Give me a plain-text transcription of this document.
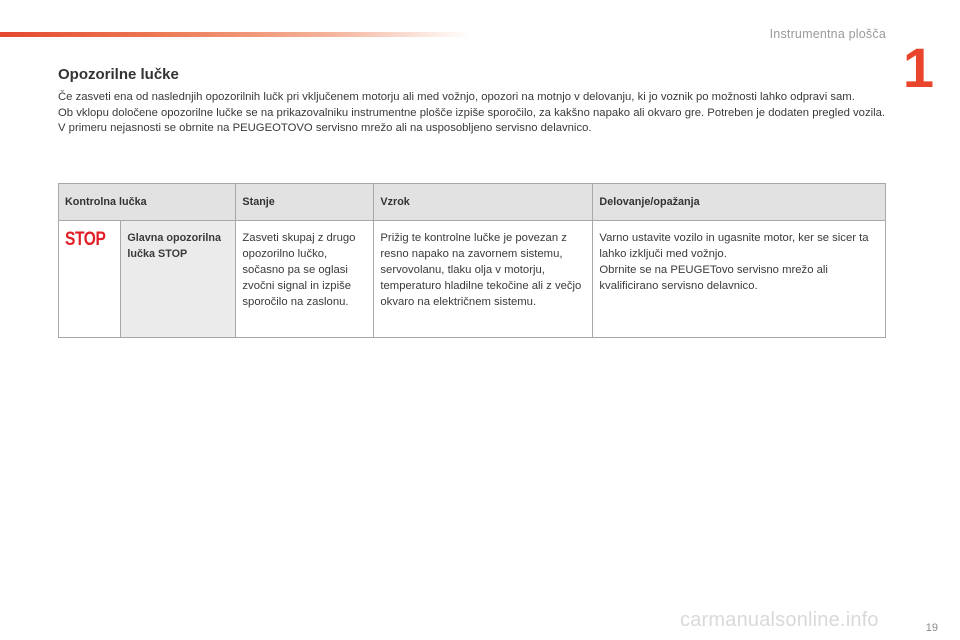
Instrumentna plošča
1
Opozorilne lučke

Če zasveti ena od naslednjih opozorilnih lučk pri vključenem motorju ali med vožnjo, opozori na motnjo v delovanju, ki jo voznik po možnosti lahko odpravi sam.

Ob vklopu določene opozorilne lučke se na prikazovalniku instrumentne plošče izpiše sporočilo, za kakšno napako ali okvaro gre. Potreben je dodaten pregled vozila.

V primeru nejasnosti se obrnite na PEUGEOTOVO servisno mrežo ali na usposobljeno servisno delavnico.

Kontrolna lučka		Stanje	Vzrok	Delovanje/opažanja
STOP	Glavna opozorilna lučka STOP	Zasveti skupaj z drugo opozorilno lučko, sočasno pa se oglasi zvočni signal in izpiše sporočilo na zaslonu.	Prižig te kontrolne lučke je povezan z resno napako na zavornem sistemu, servovolanu, tlaku olja v motorju, temperaturo hladilne tekočine ali z večjo okvaro na električnem sistemu.	Varno ustavite vozilo in ugasnite motor, ker se sicer ta lahko izključi med vožnjo.
Obrnite se na PEUGETovo servisno mrežo ali kvalificirano servisno delavnico.
carmanualsonline.info	19
